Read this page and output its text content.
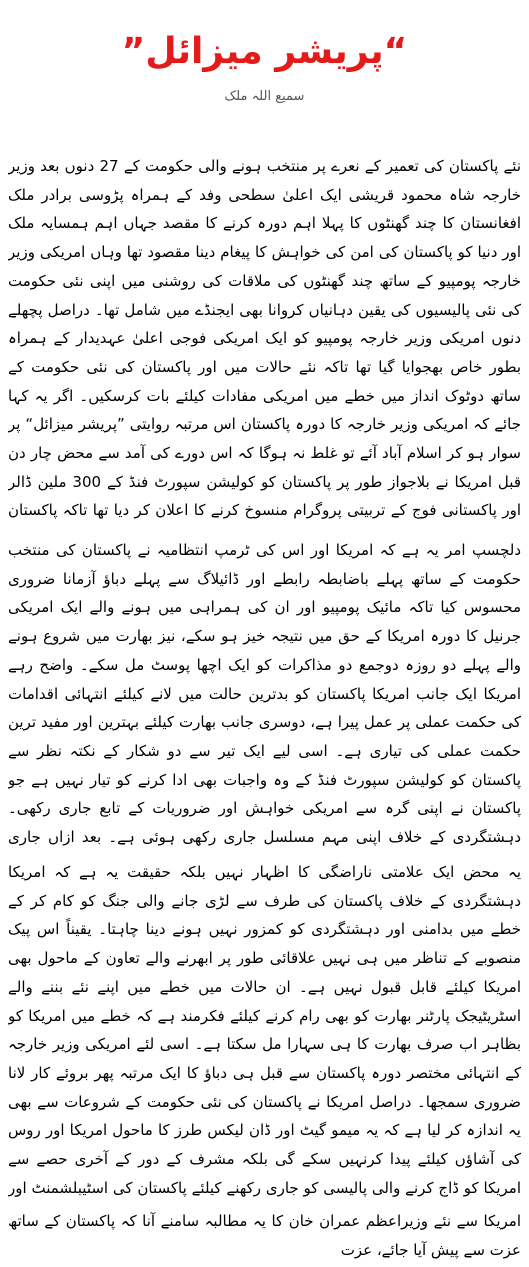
“پریشر میزائل”
سمیع اللہ ملک

نئے پاکستان کی تعمیر کے نعرے پر منتخب ہونے والی حکومت کے 27 دنوں بعد وزیر خارجہ شاہ محمود قریشی ایک اعلیٰ سطحی وفد کے ہمراہ پڑوسی برادر ملک افغانستان کا چند گھنٹوں کا پہلا اہم دورہ کرنے کا مقصد جہاں اہم ہمسایہ ملک اور دنیا کو پاکستان کی امن کی خواہش کا پیغام دینا مقصود تھا وہاں امریکی وزیر خارجہ پومپیو کے ساتھ چند گھنٹوں کی ملاقات کی روشنی میں اپنی نئی حکومت کی نئی پالیسیوں کی یقین دہانیاں کروانا بھی ایجنڈے میں شامل تھا۔ دراصل پچھلے دنوں امریکی وزیر خارجہ پومپیو کو ایک امریکی فوجی اعلیٰ عہدیدار کے ہمراہ بطور خاص بھجوایا گیا تھا تاکہ نئے حالات میں اور پاکستان کی نئی حکومت کے ساتھ دوٹوک انداز میں خطے میں امریکی مفادات کیلئے بات کرسکیں۔ اگر یہ کہا جائے کہ امریکی وزیر خارجہ کا دورہ پاکستان اس مرتبہ روایتی ”پریشر میزائل“ پر سوار ہو کر اسلام آباد آئے تو غلط نہ ہوگا کہ اس دورے کی آمد سے محض چار دن قبل امریکا نے بلاجواز طور پر پاکستان کو کولیشن سپورٹ فنڈ کے 300 ملین ڈالر اور پاکستانی فوج کے تربیتی پروگرام منسوخ کرنے کا اعلان کر دیا تھا تاکہ پاکستان

دلچسپ امر یہ ہے کہ امریکا اور اس کی ٹرمپ انتظامیہ نے پاکستان کی منتخب حکومت کے ساتھ پہلے باضابطہ رابطے اور ڈائیلاگ سے پہلے دباؤ آزمانا ضروری محسوس کیا تاکہ مائیک پومپیو اور ان کی ہمراہی میں ہونے والے ایک امریکی جرنیل کا دورہ امریکا کے حق میں نتیجہ خیز ہو سکے، نیز بھارت میں شروع ہونے والے پہلے دو روزہ دوجمع دو مذاکرات کو ایک اچھا پوسٹ مل سکے۔ واضح رہے امریکا ایک جانب امریکا پاکستان کو بدترین حالت میں لانے کیلئے انتہائی اقدامات کی حکمت عملی پر عمل پیرا ہے، دوسری جانب بھارت کیلئے بہترین اور مفید ترین حکمت عملی کی تیاری ہے۔ اسی لیے ایک تیر سے دو شکار کے نکتہ نظر سے پاکستان کو کولیشن سپورٹ فنڈ کے وہ واجبات بھی ادا کرنے کو تیار نہیں ہے جو پاکستان نے اپنی گرہ سے امریکی خواہش اور ضروریات کے تابع جاری رکھی۔ دہشتگردی کے خلاف اپنی مہم مسلسل جاری رکھی ہوئی ہے۔ بعد ازاں جاری

یہ محض ایک علامتی ناراضگی کا اظہار نہیں بلکہ حقیقت یہ ہے کہ امریکا دہشتگردی کے خلاف پاکستان کی طرف سے لڑی جانے والی جنگ کو کام کر کے خطے میں بدامنی اور دہشتگردی کو کمزور نہیں ہونے دینا چاہتا۔ یقیناً اس پیک منصوبے کے تناظر میں ہی نہیں علاقائی طور پر ابھرنے والے تعاون کے ماحول بھی امریکا کیلئے قابل قبول نہیں ہے۔ ان حالات میں خطے میں اپنے نئے بننے والے اسٹریٹیجک پارٹنر بھارت کو بھی رام کرنے کیلئے فکرمند ہے کہ خطے میں امریکا کو بظاہر اب صرف بھارت کا ہی سہارا مل سکتا ہے۔ اسی لئے امریکی وزیر خارجہ کے انتہائی مختصر دورہ پاکستان سے قبل ہی دباؤ کا ایک مرتبہ پھر بروئے کار لانا ضروری سمجھا۔ دراصل امریکا نے پاکستان کی نئی حکومت کے شروعات سے بھی یہ اندازہ کر لیا ہے کہ یہ میمو گیٹ اور ڈان لیکس طرز کا ماحول امریکا اور روس کی آشاؤں کیلئے پیدا کرنہیں سکے گی بلکہ مشرف کے دور کے آخری حصے سے امریکا کو ڈاج کرنے والی پالیسی کو جاری رکھنے کیلئے پاکستان کی اسٹیبلشمنٹ اور

امریکا سے نئے وزیراعظم عمران خان کا یہ مطالبہ سامنے آنا کہ پاکستان کے ساتھ عزت سے پیش آیا جائے، عزت
